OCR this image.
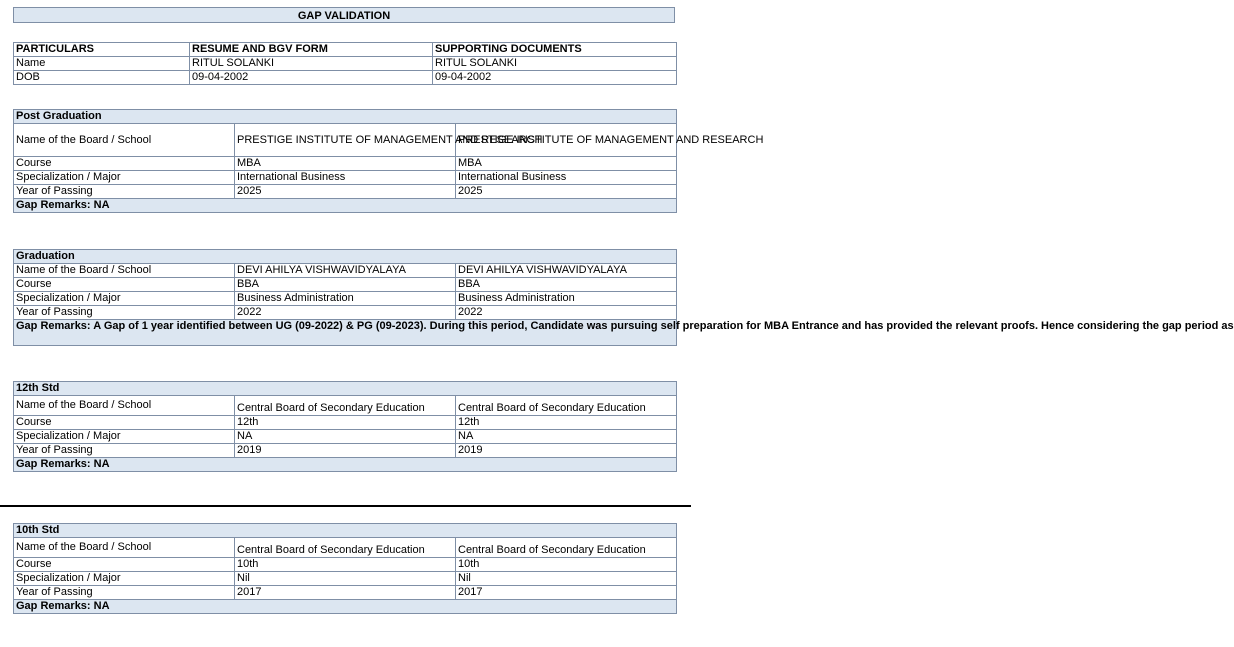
GAP VALIDATION
PARTICULARS	RESUME AND BGV FORM	SUPPORTING DOCUMENTS
Name	RITUL SOLANKI	RITUL SOLANKI
DOB	09-04-2002	09-04-2002
Post Graduation		
Name of the Board / School	PRESTIGE INSTITUTE OF MANAGEMENT AND RESEARCH	PRESTIGE INSTITUTE OF MANAGEMENT AND RESEARCH
Course	MBA	MBA
Specialization / Major	International Business	International Business
Year of Passing	2025	2025
Gap Remarks: NA		
Graduation		
Name of the Board / School	DEVI AHILYA VISHWAVIDYALAYA	DEVI AHILYA VISHWAVIDYALAYA
Course	BBA	BBA
Specialization / Major	Business Administration	Business Administration
Year of Passing	2022	2022

Gap Remarks: A Gap of 1 year identified between UG (09-2022) & PG (09-2023). During this period, Candidate was pursuing self preparation for MBA Entrance and has provided the relevant proofs. Hence considering the gap period as		
12th Std		
Name of the Board / School	Central Board of Secondary Education	Central Board of Secondary Education
Course	12th	12th
Specialization / Major	NA	NA
Year of Passing	2019	2019
Gap Remarks: NA		
10th Std		
Name of the Board / School	Central Board of Secondary Education	Central Board of Secondary Education
Course	10th	10th
Specialization / Major	Nil	Nil
Year of Passing	2017	2017
Gap Remarks: NA		
